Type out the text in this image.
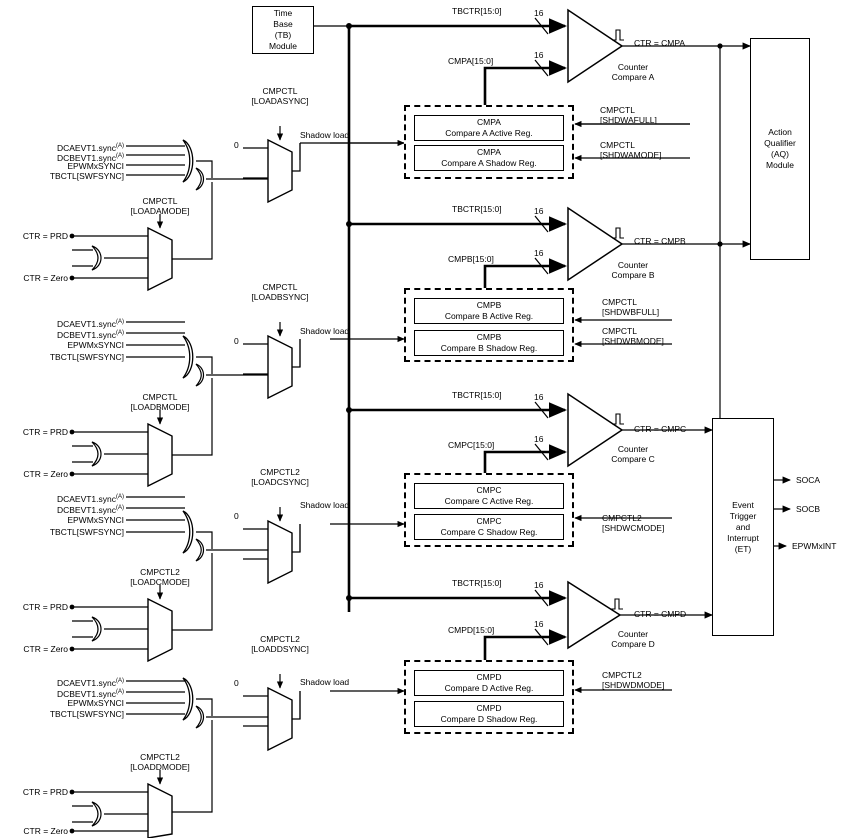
Time
Base
(TB)
Module
Action
Qualifier
(AQ)
Module
Event
Trigger
and
Interrupt
(ET)
CMPA
Compare A Active Reg.
CMPA
Compare A Shadow Reg.
CMPB
Compare B Active Reg.
CMPB
Compare B Shadow Reg.
CMPC
Compare C Active Reg.
CMPC
Compare C Shadow Reg.
CMPD
Compare D Active Reg.
CMPD
Compare D Shadow Reg.
TBCTR[15:0]	16
CMPA[15:0]
16
Counter
Compare A
CTR = CMPA
CMPCTL
[SHDWAFULL]
CMPCTL
[SHDWAMODE]
CMPCTL
[LOADASYNC]
CMPCTL
[LOADAMODE]
Shadow load
0
DCAEVT1.sync$^{(A)}$
DCBEVT1.sync$^{(A)}$
EPWMxSYNCI
TBCTL[SWFSYNC]
CTR = PRD
CTR = Zero
TBCTR[15:0]	16
CMPB[15:0]
16
Counter
Compare B
CTR = CMPB
CMPCTL
[SHDWBFULL]
CMPCTL
[SHDWBMODE]
CMPCTL
[LOADBSYNC]
CMPCTL
[LOADBMODE]
Shadow load
0
DCAEVT1.sync$^{(A)}$
DCBEVT1.sync$^{(A)}$
EPWMxSYNCI
TBCTL[SWFSYNC]
CTR = PRD
CTR = Zero
TBCTR[15:0]	16
CMPC[15:0]
16
Counter
Compare C
CTR = CMPC
CMPCTL2
[SHDWCMODE]
CMPCTL2
[LOADCSYNC]
CMPCTL2
[LOADCMODE]
Shadow load
0
DCAEVT1.sync$^{(A)}$
DCBEVT1.sync$^{(A)}$
EPWMxSYNCI
TBCTL[SWFSYNC]
CTR = PRD
CTR = Zero
TBCTR[15:0]	16
CMPD[15:0]
16
Counter
Compare D
CTR = CMPD
CMPCTL2
[SHDWDMODE]
CMPCTL2
[LOADDSYNC]
CMPCTL2
[LOADDMODE]
Shadow load
0
DCAEVT1.sync$^{(A)}$
DCBEVT1.sync$^{(A)}$
EPWMxSYNCI
TBCTL[SWFSYNC]
CTR = PRD
CTR = Zero
SOCA
SOCB
EPWMxINT
